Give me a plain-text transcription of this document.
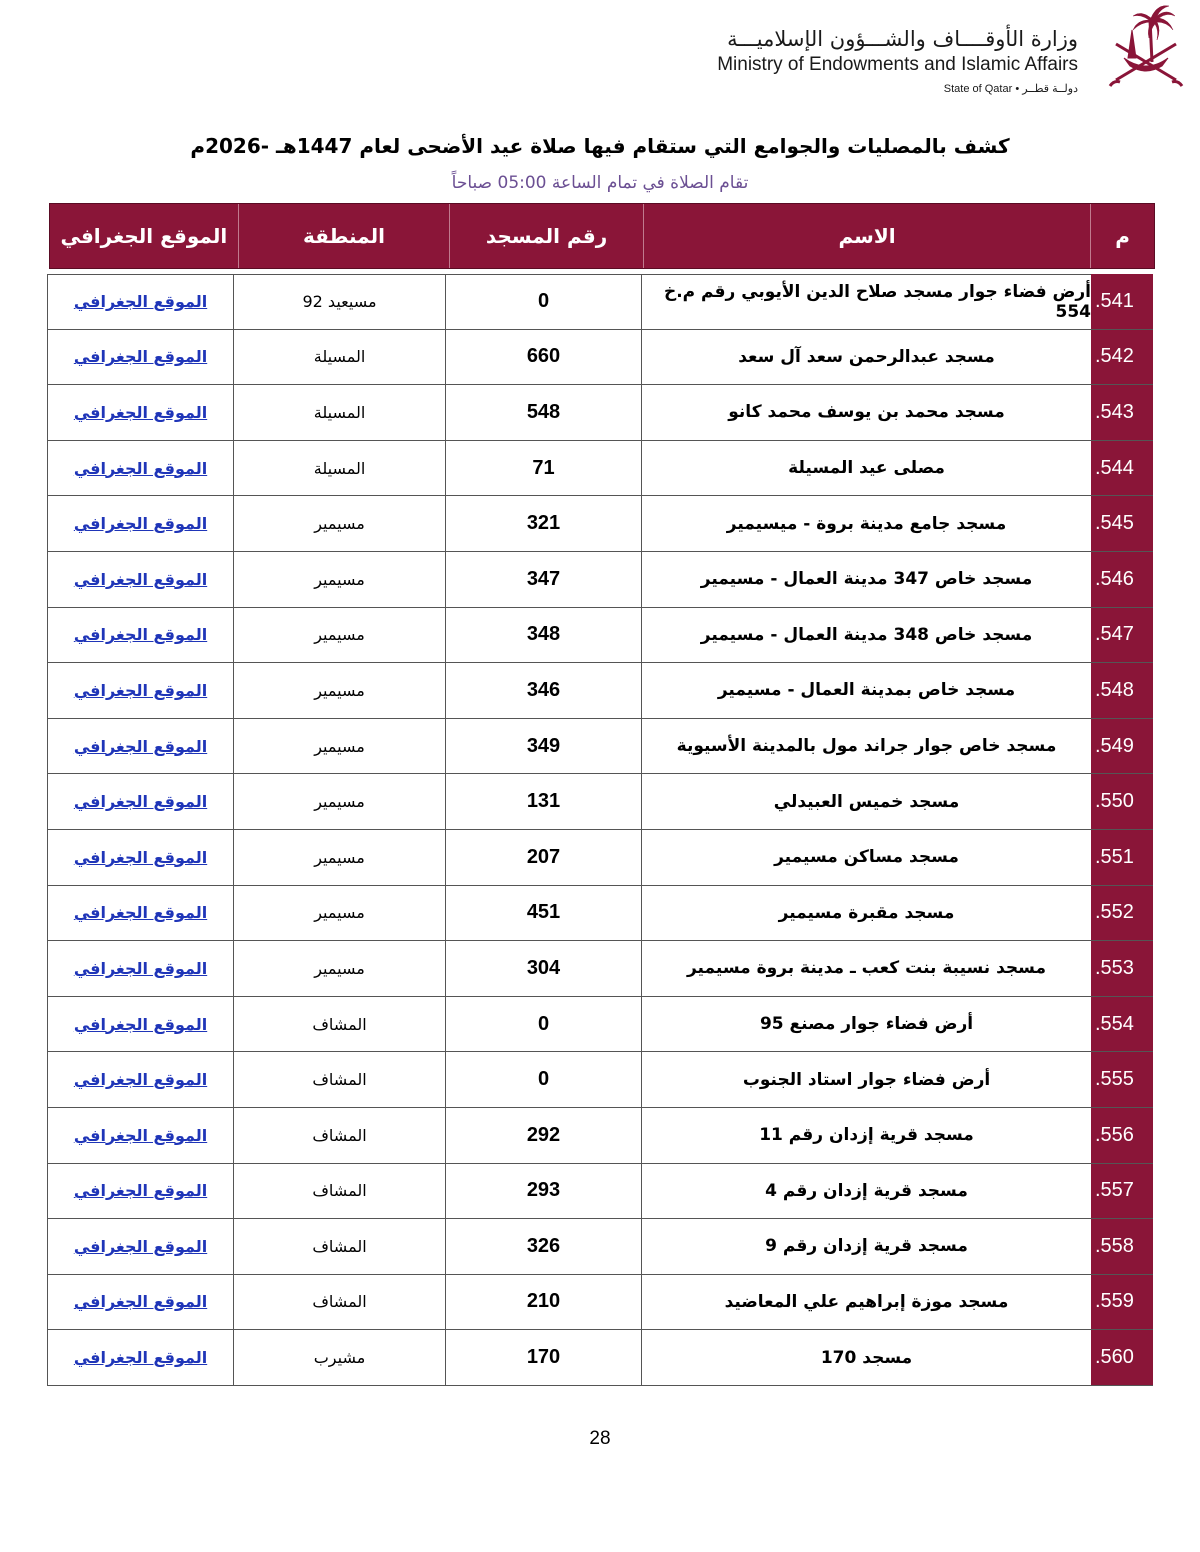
وزارة الأوقــــاف والشـــؤون الإسلاميـــة
Ministry of Endowments and Islamic Affairs
State of Qatar • دولــة قطــر
كشف بالمصليات والجوامع التي ستقام فيها صلاة عيد الأضحى لعام 1447هـ -2026م
تقام الصلاة في تمام الساعة 05:00 صباحاً
م
الاسم
رقم المسجد
المنطقة
الموقع الجغرافي
.541
أرض فضاء جوار مسجد صلاح الدين الأيوبي رقم م.خ 554
0
مسيعيد 92
الموقع الجغرافي
.542
مسجد عبدالرحمن سعد آل سعد
660
المسيلة
الموقع الجغرافي
.543
مسجد محمد بن يوسف محمد كانو
548
المسيلة
الموقع الجغرافي
.544
مصلى عيد المسيلة
71
المسيلة
الموقع الجغرافي
.545
مسجد جامع مدينة بروة - ميسيمير
321
مسيمير
الموقع الجغرافي
.546
مسجد خاص 347 مدينة العمال - مسيمير
347
مسيمير
الموقع الجغرافي
.547
مسجد خاص 348 مدينة العمال - مسيمير
348
مسيمير
الموقع الجغرافي
.548
مسجد خاص بمدينة العمال - مسيمير
346
مسيمير
الموقع الجغرافي
.549
مسجد خاص جوار جراند مول بالمدينة الأسيوية
349
مسيمير
الموقع الجغرافي
.550
مسجد خميس العبيدلي
131
مسيمير
الموقع الجغرافي
.551
مسجد مساكن مسيمير
207
مسيمير
الموقع الجغرافي
.552
مسجد مقبرة مسيمير
451
مسيمير
الموقع الجغرافي
.553
مسجد نسيبة بنت كعب ـ مدينة بروة مسيمير
304
مسيمير
الموقع الجغرافي
.554
أرض فضاء جوار مصنع 95
0
المشاف
الموقع الجغرافي
.555
أرض فضاء جوار استاد الجنوب
0
المشاف
الموقع الجغرافي
.556
مسجد قرية إزدان رقم 11
292
المشاف
الموقع الجغرافي
.557
مسجد قرية إزدان رقم 4
293
المشاف
الموقع الجغرافي
.558
مسجد قرية إزدان رقم 9
326
المشاف
الموقع الجغرافي
.559
مسجد موزة إبراهيم علي المعاضيد
210
المشاف
الموقع الجغرافي
.560
مسجد 170
170
مشيرب
الموقع الجغرافي
28
